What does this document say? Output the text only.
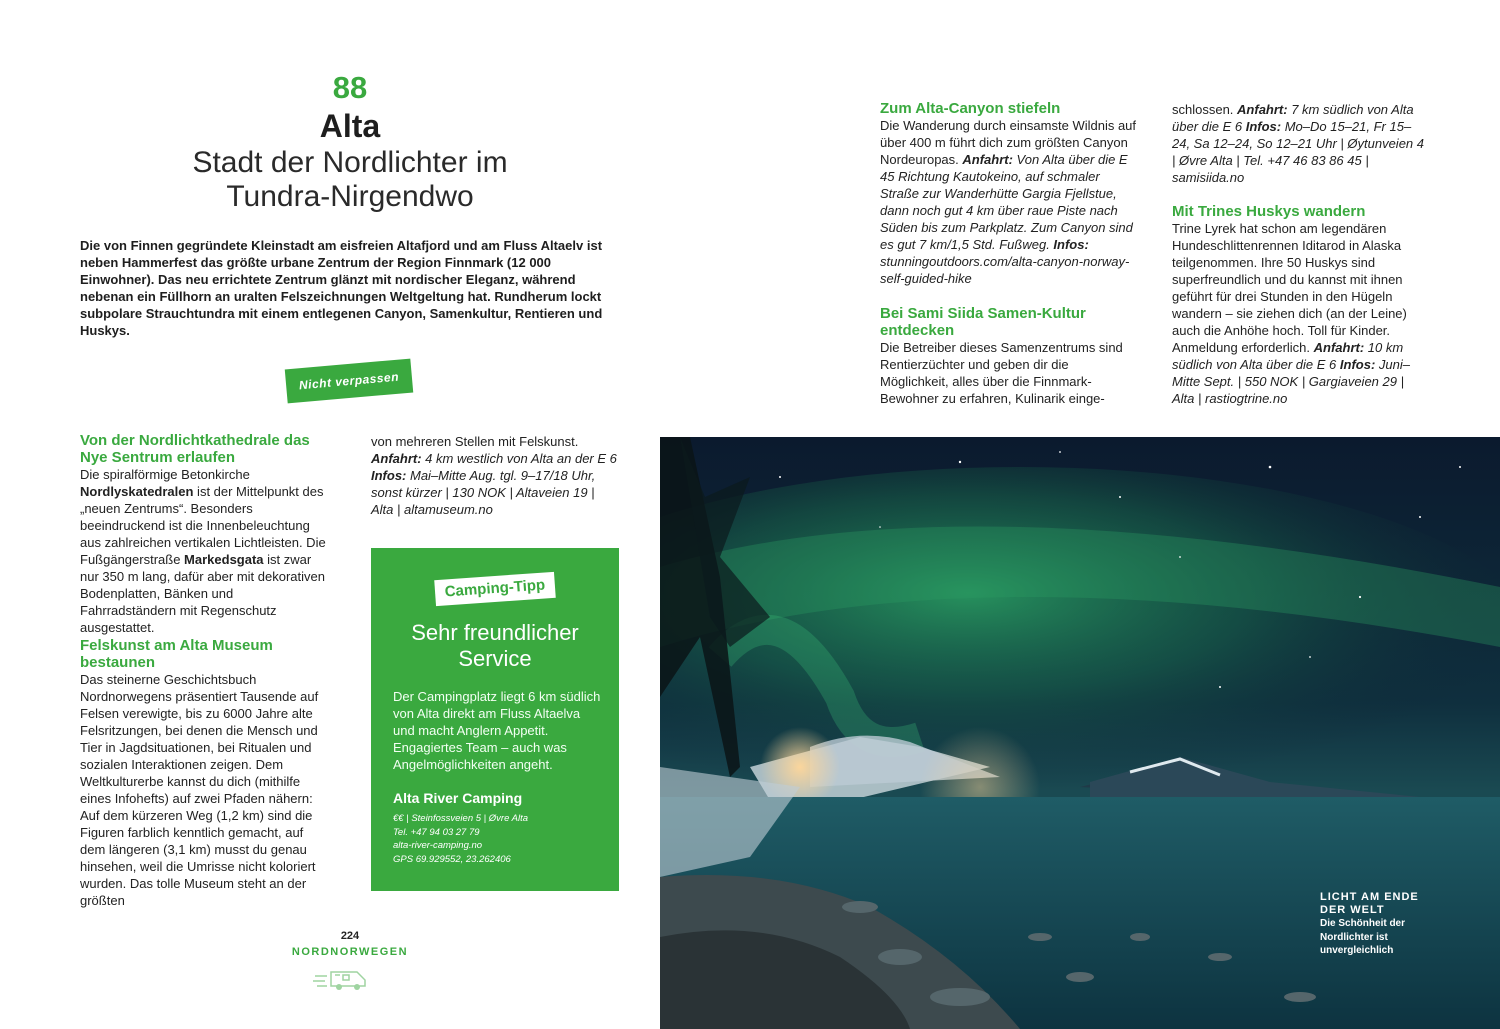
88
Alta
Stadt der Nordlichter im
Tundra-Nirgendwo
Die von Finnen gegründete Kleinstadt am eisfreien Altafjord und am Fluss Altaelv ist neben Hammerfest das größte urbane Zentrum der Region Finnmark (12 000 Einwohner). Das neu errichtete Zentrum glänzt mit nordischer Eleganz, während nebenan ein Füllhorn an uralten Felszeichnungen Weltgeltung hat. Rundherum lockt subpolare Strauchtundra mit einem entlegenen Canyon, Samenkultur, Rentieren und Huskys.
Nicht verpassen
Von der Nordlichtkathedrale das Nye Sentrum erlaufen

Die spiralförmige Betonkirche Nordlyskatedralen ist der Mittelpunkt des „neuen Zentrums“. Besonders beeindruckend ist die Innenbeleuchtung aus zahlreichen vertikalen Lichtleisten. Die Fußgängerstraße Markedsgata ist zwar nur 350 m lang, dafür aber mit dekorativen Bodenplatten, Bänken und Fahrradständern mit Regenschutz ausgestattet.

Felskunst am Alta Museum bestaunen

Das steinerne Geschichtsbuch Nordnorwegens präsentiert Tausende auf Felsen verewigte, bis zu 6000 Jahre alte Felsritzungen, bei denen die Mensch und Tier in Jagdsituationen, bei Ritualen und sozialen Interaktionen zeigen. Dem Weltkulturerbe kannst du dich (mithilfe eines Infohefts) auf zwei Pfaden nähern: Auf dem kürzeren Weg (1,2 km) sind die Figuren farblich kenntlich gemacht, auf dem längeren (3,1 km) musst du genau hinsehen, weil die Umrisse nicht koloriert wurden. Das tolle Museum steht an der größten

von mehreren Stellen mit Felskunst. Anfahrt: 4 km westlich von Alta an der E 6 Infos: Mai–Mitte Aug. tgl. 9–17/18 Uhr, sonst kürzer | 130 NOK | Altaveien 19 | Alta | altamuseum.no

Camping-Tipp
Sehr freundlicher
Service
Der Campingplatz liegt 6 km südlich von Alta direkt am Fluss Altaelva und macht Anglern Appetit. Engagiertes Team – auch was Angelmöglichkeiten angeht.
Alta River Camping
€€ | Steinfossveien 5 | Øvre Alta
Tel. +47 94 03 27 79
alta-river-camping.no
GPS 69.929552, 23.262406
224
NORDNORWEGEN
Zum Alta-Canyon stiefeln

Die Wanderung durch einsamste Wildnis auf über 400 m führt dich zum größten Canyon Nordeuropas. Anfahrt: Von Alta über die E 45 Richtung Kautokeino, auf schmaler Straße zur Wanderhütte Gargia Fjellstue, dann noch gut 4 km über raue Piste nach Süden bis zum Parkplatz. Zum Canyon sind es gut 7 km/1,5 Std. Fußweg. Infos: stunningoutdoors.com/alta-canyon-norway-self-guided-hike

Bei Sami Siida Samen-Kultur entdecken

Die Betreiber dieses Samenzentrums sind Rentierzüchter und geben dir die Möglichkeit, alles über die Finnmark-Bewohner zu erfahren, Kulinarik einge-

schlossen. Anfahrt: 7 km südlich von Alta über die E 6 Infos: Mo–Do 15–21, Fr 15–24, Sa 12–24, So 12–21 Uhr | Øytunveien 4 | Øvre Alta | Tel. +47 46 83 86 45 | samisiida.no

Mit Trines Huskys wandern

Trine Lyrek hat schon am legendären Hundeschlittenrennen Iditarod in Alaska teilgenommen. Ihre 50 Huskys sind superfreundlich und du kannst mit ihnen geführt für drei Stunden in den Hügeln wandern – sie ziehen dich (an der Leine) auch die Anhöhe hoch. Toll für Kinder. Anmeldung erforderlich. Anfahrt: 10 km südlich von Alta über die E 6 Infos: Juni–Mitte Sept. | 550 NOK | Gargiaveien 29 | Alta | rastiogtrine.no

LICHT AM ENDE
DER WELT
Die Schönheit der
Nordlichter ist
unvergleichlich
